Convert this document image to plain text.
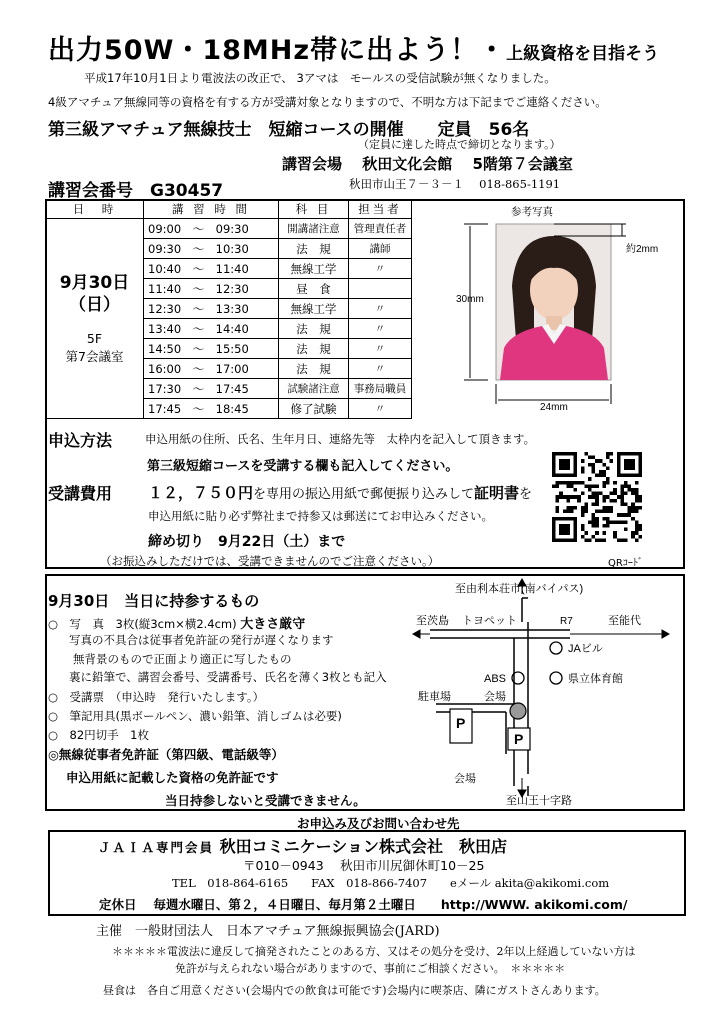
出力50W・18MHz帯に出よう！・上級資格を目指そう
平成17年10月1日より電波法の改正で、 3アマは　モールスの受信試験が無くなりました。
4級アマチュア無線同等の資格を有する方が受講対象となりますので、不明な方は下記までご連絡ください。
第三級アマチュア無線技士　短縮コースの開催　　定員　56名
（定員に達した時点で締切となります。）
講習会場　 秋田文化会館　 5階第７会議室
秋田市山王７－３－１　 018-865-1191
講習会番号　G30457
日　時	講 習 時 間	科 目	担当者

9月30日
（日）
5F
第7会議室	09:00　～　09:30	開講諸注意	管理責任者
	09:30　～　10:30	法　規	講師
	10:40　～　11:40	無線工学	〃
	11:40　～　12:30	昼　食	
	12:30　～　13:30	無線工学	〃
	13:40　～　14:40	法　規	〃
	14:50　～　15:50	法　規	〃
	16:00　～　17:00	法　規	〃
	17:30　～　17:45	試験諸注意	事務局職員
	17:45　～　18:45	修了試験	〃
参考写真
約2mm
30mm
24mm
申込方法	申込用紙の住所、氏名、生年月日、連絡先等　太枠内を記入して頂きます。
第三級短縮コースを受講する欄も記入してください。
受講費用 １２，７５０円を専用の振込用紙で郵便振り込みして証明書を
申込用紙に貼り必ず弊社まで持参又は郵送にてお申込みください。
締め切り　9月22日（土）まで
（お振込みしただけでは、受講できませんのでご注意ください。）	QRｺｰﾄﾞ
9月30日　当日に持参するもの
○　写　真　3枚(縦3cm×横2.4cm) 大きさ厳守
写真の不具合は従事者免許証の発行が遅くなります
無背景のもので正面より適正に写したもの
裏に鉛筆で、講習会番号、受講番号、氏名を薄く3枚とも記入
○　受講票　（申込時　発行いたします。）
○　筆記用具(黒ボールペン、濃い鉛筆、消しゴムは必要)
○　82円切手　1枚
◎無線従事者免許証（第四級、電話級等）
申込用紙に記載した資格の免許証です
当日持参しないと受講できません。
至由利本荘市(南バイパス)
至茨島 トヨペット	R7	至能代
JAビル
ABS	県立体育館
駐車場	会場
P
P
会場
至山王十字路
お申込み及びお問い合わせ先
ＪＡＩＡ専門会員 秋田コミニケーション株式会社　秋田店
〒010－0943　 秋田市川尻御休町10－25
TEL　018-864-6165　　FAX　018-866-7407　　eメール akita@akikomi.com
定休日　 毎週水曜日、第２，４日曜日、毎月第２土曜日　　http://WWW. akikomi.com/
主催　一般財団法人　日本アマチュア無線振興協会(JARD)
＊＊＊＊＊電波法に違反して摘発されたことのある方、又はその処分を受け、2年以上経過していない方は
免許が与えられない場合がありますので、事前にご相談ください。　＊＊＊＊＊
昼食は　各自ご用意ください(会場内での飲食は可能です)会場内に喫茶店、隣にガストさんあります。
